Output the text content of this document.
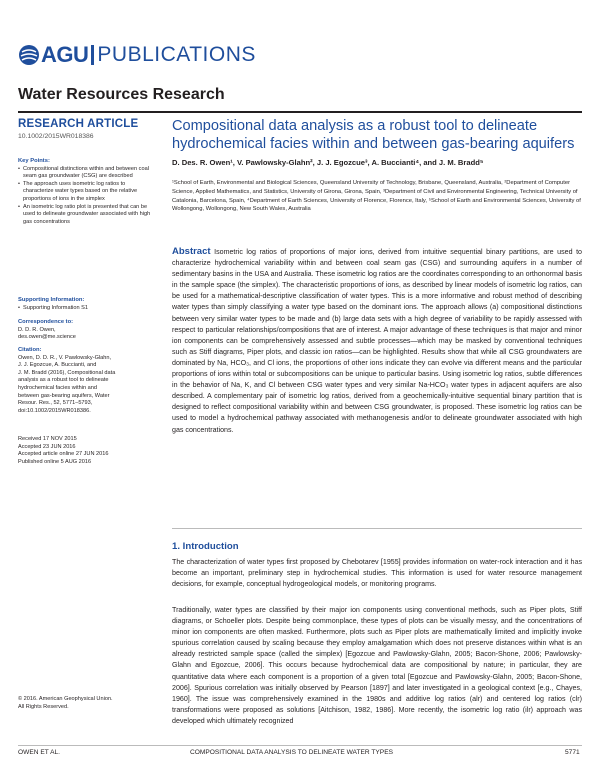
AGU PUBLICATIONS
Water Resources Research
RESEARCH ARTICLE
10.1002/2015WR018386
Key Points:
• Compositional distinctions within and between coal seam gas groundwater (CSG) are described
• The approach uses isometric log ratios to characterize water types based on the relative proportions of ions in the simplex
• An isometric log ratio plot is presented that can be used to delineate groundwater associated with high gas concentrations
Supporting Information:
• Supporting Information S1
Correspondence to:
D. D. R. Owen,
des.owen@me.science
Citation:
Owen, D. D. R., V. Pawlowsky-Glahn,
J. J. Egozcue, A. Buccianti, and
J. M. Bradd (2016), Compositional data
analysis as a robust tool to delineate
hydrochemical facies within and
between gas-bearing aquifers, Water
Resour. Res., 52, 5771–5793,
doi:10.1002/2015WR018386.
Received 17 NOV 2015
Accepted 23 JUN 2016
Accepted article online 27 JUN 2016
Published online 5 AUG 2016
© 2016. American Geophysical Union.
All Rights Reserved.
Compositional data analysis as a robust tool to delineate hydrochemical facies within and between gas-bearing aquifers
D. Des. R. Owen¹, V. Pawlowsky-Glahn², J. J. Egozcue³, A. Buccianti⁴, and J. M. Bradd⁵
¹School of Earth, Environmental and Biological Sciences, Queensland University of Technology, Brisbane, Queensland, Australia, ²Department of Computer Science, Applied Mathematics, and Statistics, University of Girona, Girona, Spain, ³Department of Civil and Environmental Engineering, Technical University of Catalonia, Barcelona, Spain, ⁴Department of Earth Sciences, University of Florence, Florence, Italy, ⁵School of Earth and Environmental Sciences, University of Wollongong, Wollongong, New South Wales, Australia
Abstract Isometric log ratios of proportions of major ions, derived from intuitive sequential binary partitions, are used to characterize hydrochemical variability within and between coal seam gas (CSG) and surrounding aquifers in a number of sedimentary basins in the USA and Australia. These isometric log ratios are the coordinates corresponding to an orthonormal basis in the sample space (the simplex). The characteristic proportions of ions, as described by linear models of isometric log ratios, can be used for a mathematical-descriptive classification of water types. This is a more informative and robust method of describing water types than simply classifying a water type based on the dominant ions. The approach allows (a) compositional distinctions between very similar water types to be made and (b) large data sets with a high degree of variability to be rapidly assessed with respect to particular relationships/compositions that are of interest. A major advantage of these techniques is that major and minor ion components can be comprehensively assessed and subtle processes—which may be masked by conventional techniques such as Stiff diagrams, Piper plots, and classic ion ratios—can be highlighted. Results show that while all CSG groundwaters are dominated by Na, HCO₃, and Cl ions, the proportions of other ions indicate they can evolve via different means and the particular proportions of ions within total or subcompositions can be unique to particular basins. Using isometric log ratios, subtle differences in the behavior of Na, K, and Cl between CSG water types and very similar Na-HCO₃ water types in adjacent aquifers are also described. A complementary pair of isometric log ratios, derived from a geochemically-intuitive sequential binary partition that is designed to reflect compositional variability within and between CSG groundwater, is proposed. These isometric log ratios can be used to model a hydrochemical pathway associated with methanogenesis and/or to delineate groundwater associated with high gas concentrations.
1. Introduction
The characterization of water types first proposed by Chebotarev [1955] provides information on water-rock interaction and it has become an important, preliminary step in hydrochemical studies. This information is used for water resource management decisions, for example, conceptual hydrogeological models, or monitoring programs.
Traditionally, water types are classified by their major ion components using conventional methods, such as Piper plots, Stiff diagrams, or Schoeller plots. Despite being commonplace, these types of plots can be visually messy, and the concentrations of minor ion components are often masked. Furthermore, plots such as Piper plots are mathematically limited and implicitly invoke spurious correlation caused by scaling because they employ amalgamation which does not preserve distances within what is an already restricted sample space (called the simplex) [Egozcue and Pawlowsky-Glahn, 2005; Bacon-Shone, 2006; Pawlowsky-Glahn and Egozcue, 2006]. This occurs because hydrochemical data are compositional by nature; in particular, they are quantitative data where each component is a proportion of a given total [Egozcue and Pawlowsky-Glahn, 2005; Bacon-Shone, 2006]. Spurious correlation was initially observed by Pearson [1897] and later investigated in a geological context [e.g., Chayes, 1960]. The issue was comprehensively examined in the 1980s and additive log ratios (alr) and centered log ratios (clr) transformations were proposed as solutions [Aitchison, 1982, 1986]. More recently, the isometric log ratio (ilr) approach was developed which ultimately recognized
OWEN ET AL.	COMPOSITIONAL DATA ANALYSIS TO DELINEATE WATER TYPES	5771
